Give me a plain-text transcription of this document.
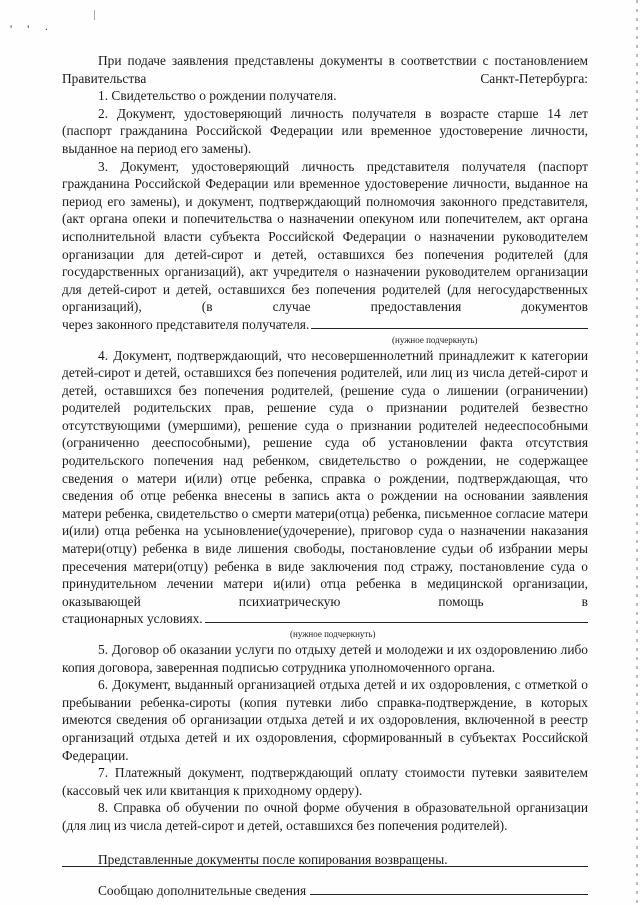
' ' ·

При подаче заявления представлены документы в соответствии с постановлением Правительства Санкт-Петербурга:

1. Свидетельство о рождении получателя.

2. Документ, удостоверяющий личность получателя в возрасте старше 14 лет (паспорт гражданина Российской Федерации или временное удостоверение личности, выданное на период его замены).

3. Документ, удостоверяющий личность представителя получателя (паспорт гражданина Российской Федерации или временное удостоверение личности, выданное на период его замены), и документ, подтверждающий полномочия законного представителя, (акт органа опеки и попечительства о назначении опекуном или попечителем, акт органа исполнительной власти субъекта Российской Федерации о назначении руководителем организации для детей-сирот и детей, оставшихся без попечения родителей (для государственных организаций), акт учредителя о назначении руководителем организации для детей-сирот и детей, оставшихся без попечения родителей (для негосударственных организаций), (в случае предоставления документов

через законного представителя получателя.
(нужное подчеркнуть)

4. Документ, подтверждающий, что несовершеннолетний принадлежит к категории детей-сирот и детей, оставшихся без попечения родителей, или лиц из числа детей-сирот и детей, оставшихся без попечения родителей, (решение суда о лишении (ограничении) родителей родительских прав, решение суда о признании родителей безвестно отсутствующими (умершими), решение суда о признании родителей недееспособными (ограниченно дееспособными), решение суда об установлении факта отсутствия родительского попечения над ребенком, свидетельство о рождении, не содержащее сведения о матери и(или) отце ребенка, справка о рождении, подтверждающая, что сведения об отце ребенка внесены в запись акта о рождении на основании заявления матери ребенка, свидетельство о смерти матери(отца) ребенка, письменное согласие матери и(или) отца ребенка на усыновление(удочерение), приговор суда о назначении наказания матери(отцу) ребенка в виде лишения свободы, постановление судьи об избрании меры пресечения матери(отцу) ребенка в виде заключения под стражу, постановление суда о принудительном лечении матери и(или) отца ребенка в медицинской организации, оказывающей психиатрическую помощь в

стационарных условиях.
(нужное подчеркнуть)

5. Договор об оказании услуги по отдыху детей и молодежи и их оздоровлению либо копия договора, заверенная подписью сотрудника уполномоченного органа.

6. Документ, выданный организацией отдыха детей и их оздоровления, с отметкой о пребывании ребенка-сироты (копия путевки либо справка-подтверждение, в которых имеются сведения об организации отдыха детей и их оздоровления, включенной в реестр организаций отдыха детей и их оздоровления, сформированный в субъектах Российской Федерации.

7. Платежный документ, подтверждающий оплату стоимости путевки заявителем (кассовый чек или квитанция к приходному ордеру).

8. Справка об обучении по очной форме обучения в образовательной организации (для лиц из числа детей-сирот и детей, оставшихся без попечения родителей).

Представленные документы после копирования возвращены.
Сообщаю дополнительные сведения
